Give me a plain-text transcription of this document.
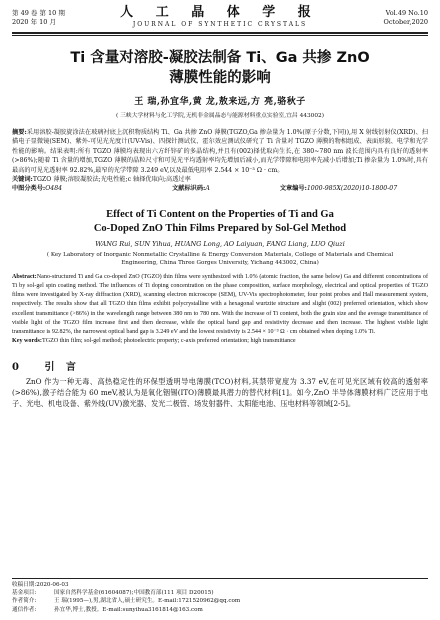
第 49 卷 第 10 期
2020 年 10 月
人 工 晶 体 学 报
JOURNAL OF SYNTHETIC CRYSTALS
Vol.49 No.10
October,2020
Ti 含量对溶胶-凝胶法制备 Ti、Ga 共掺 ZnO
薄膜性能的影响
王 瑞,孙宜华,黄 龙,敖来远,方 亮,骆秋子
( 三峡大学材料与化工学院,无机非金属晶态与能源材料重点实验室,宜昌 443002)
摘要:采用溶胶-凝胶旋涂法在玻璃衬底上沉积物质结构 Ti、Ga 共掺 ZnO 薄膜(TGZO,Ga 掺杂量为 1.0%(原子分数,下同)),用 X 射线衍射仪(XRD)、扫描电子显微镜(SEM)、紫外-可见光光度计(UV-Vis)、四探针测试仪、霍尔效应测试仪研究了 Ti 含量对 TGZO 薄膜的物相组成、表面形貌、电学和光学性能的影响。结果表明:所有 TGZO 薄膜均表现出六方纤锌矿的多晶结构,并且有(002)择优取向生长,在 380~780 nm 波长范围内具有良好的透射率(>86%);随着 Ti 含量的增加,TGZO 薄膜的晶粒尺寸和可见光平均透射率均先增加后减小,而光学带隙和电阻率先减小后增加;Ti 掺杂量为 1.0%时,具有最高的可见光透射率 92.82%,最窄的光学带隙 3.249 eV,以及最低电阻率 2.544 × 10⁻³ Ω · cm。
关键词:TGZO 薄膜;溶胶凝胶法;光电性能;c 轴择优取向;高透过率
中图分类号:O484	文献标识码:A	文章编号:1000-985X(2020)10-1800-07
Effect of Ti Content on the Properties of Ti and Ga
Co-Doped ZnO Thin Films Prepared by Sol-Gel Method
WANG Rui, SUN Yihua, HUANG Long, AO Laiyuan, FANG Liang, LUO Qiuzi
( Key Laboratory of Inorganic Nonmetallic Crystalline & Energy Conversion Materials, College of Materials and Chemical Engineering, China Three Gorges University, Yichang 443002, China)
Abstract:Nano-structured Ti and Ga co-doped ZnO (TGZO) thin films were synthesized with 1.0% (atomic fraction, the same below) Ga and different concentrations of Ti by sol-gel spin coating method. The influences of Ti doping concentration on the phase composition, surface morphology, electrical and optical properties of TGZO films were investigated by X-ray diffraction (XRD), scanning electron microscope (SEM), UV-Vis spectrophotometer, four point probes and Hall measurement system, respectively. The results show that all TGZO thin films exhibit polycrystalline with a hexagonal wurtzite structure and slight (002) preferred orientation, which show excellent transmittance (>86%) in the wavelength range between 380 nm to 780 nm. With the increase of Ti content, both the grain size and the average transmittance of visible light of the TGZO film increase first and then decrease, while the optical band gap and resistivity decrease and then increase. The highest visible light transmittance is 92.82%, the narrowest optical band gap is 3.249 eV and the lowest resistivity is 2.544 × 10⁻³ Ω · cm obtained when doping 1.0% Ti.
Key words:TGZO thin film; sol-gel method; photoelectric property; c-axis preferred orientation; high transmittance
0 引 言
ZnO 作为一种无毒、高热稳定性的环保型透明导电薄膜(TCO)材料,其禁带宽度为 3.37 eV,在可见光区域有较高的透射率(>86%),激子结合能为 60 meV,被认为是氧化铟锡(ITO)薄膜最具潜力的替代材料[1]。如今,ZnO 半导体薄膜材料广泛应用于电子、光电、机电设备、紫外线(UV)激光器、发光二极管、场发射器件、太阳能电池、压电材料等领域[2-5]。
收稿日期:2020-06-03
基金项目:	国家自然科学基金(61604087);中国教育部(111 项目 D20015)
作者简介:	王 瑞(1995—),男,湖北省人,硕士研究生。E-mail:1721520962@qq.com
通信作者:	孙宜华,博士,教授。E-mail:sunyihua3161814@163.com
